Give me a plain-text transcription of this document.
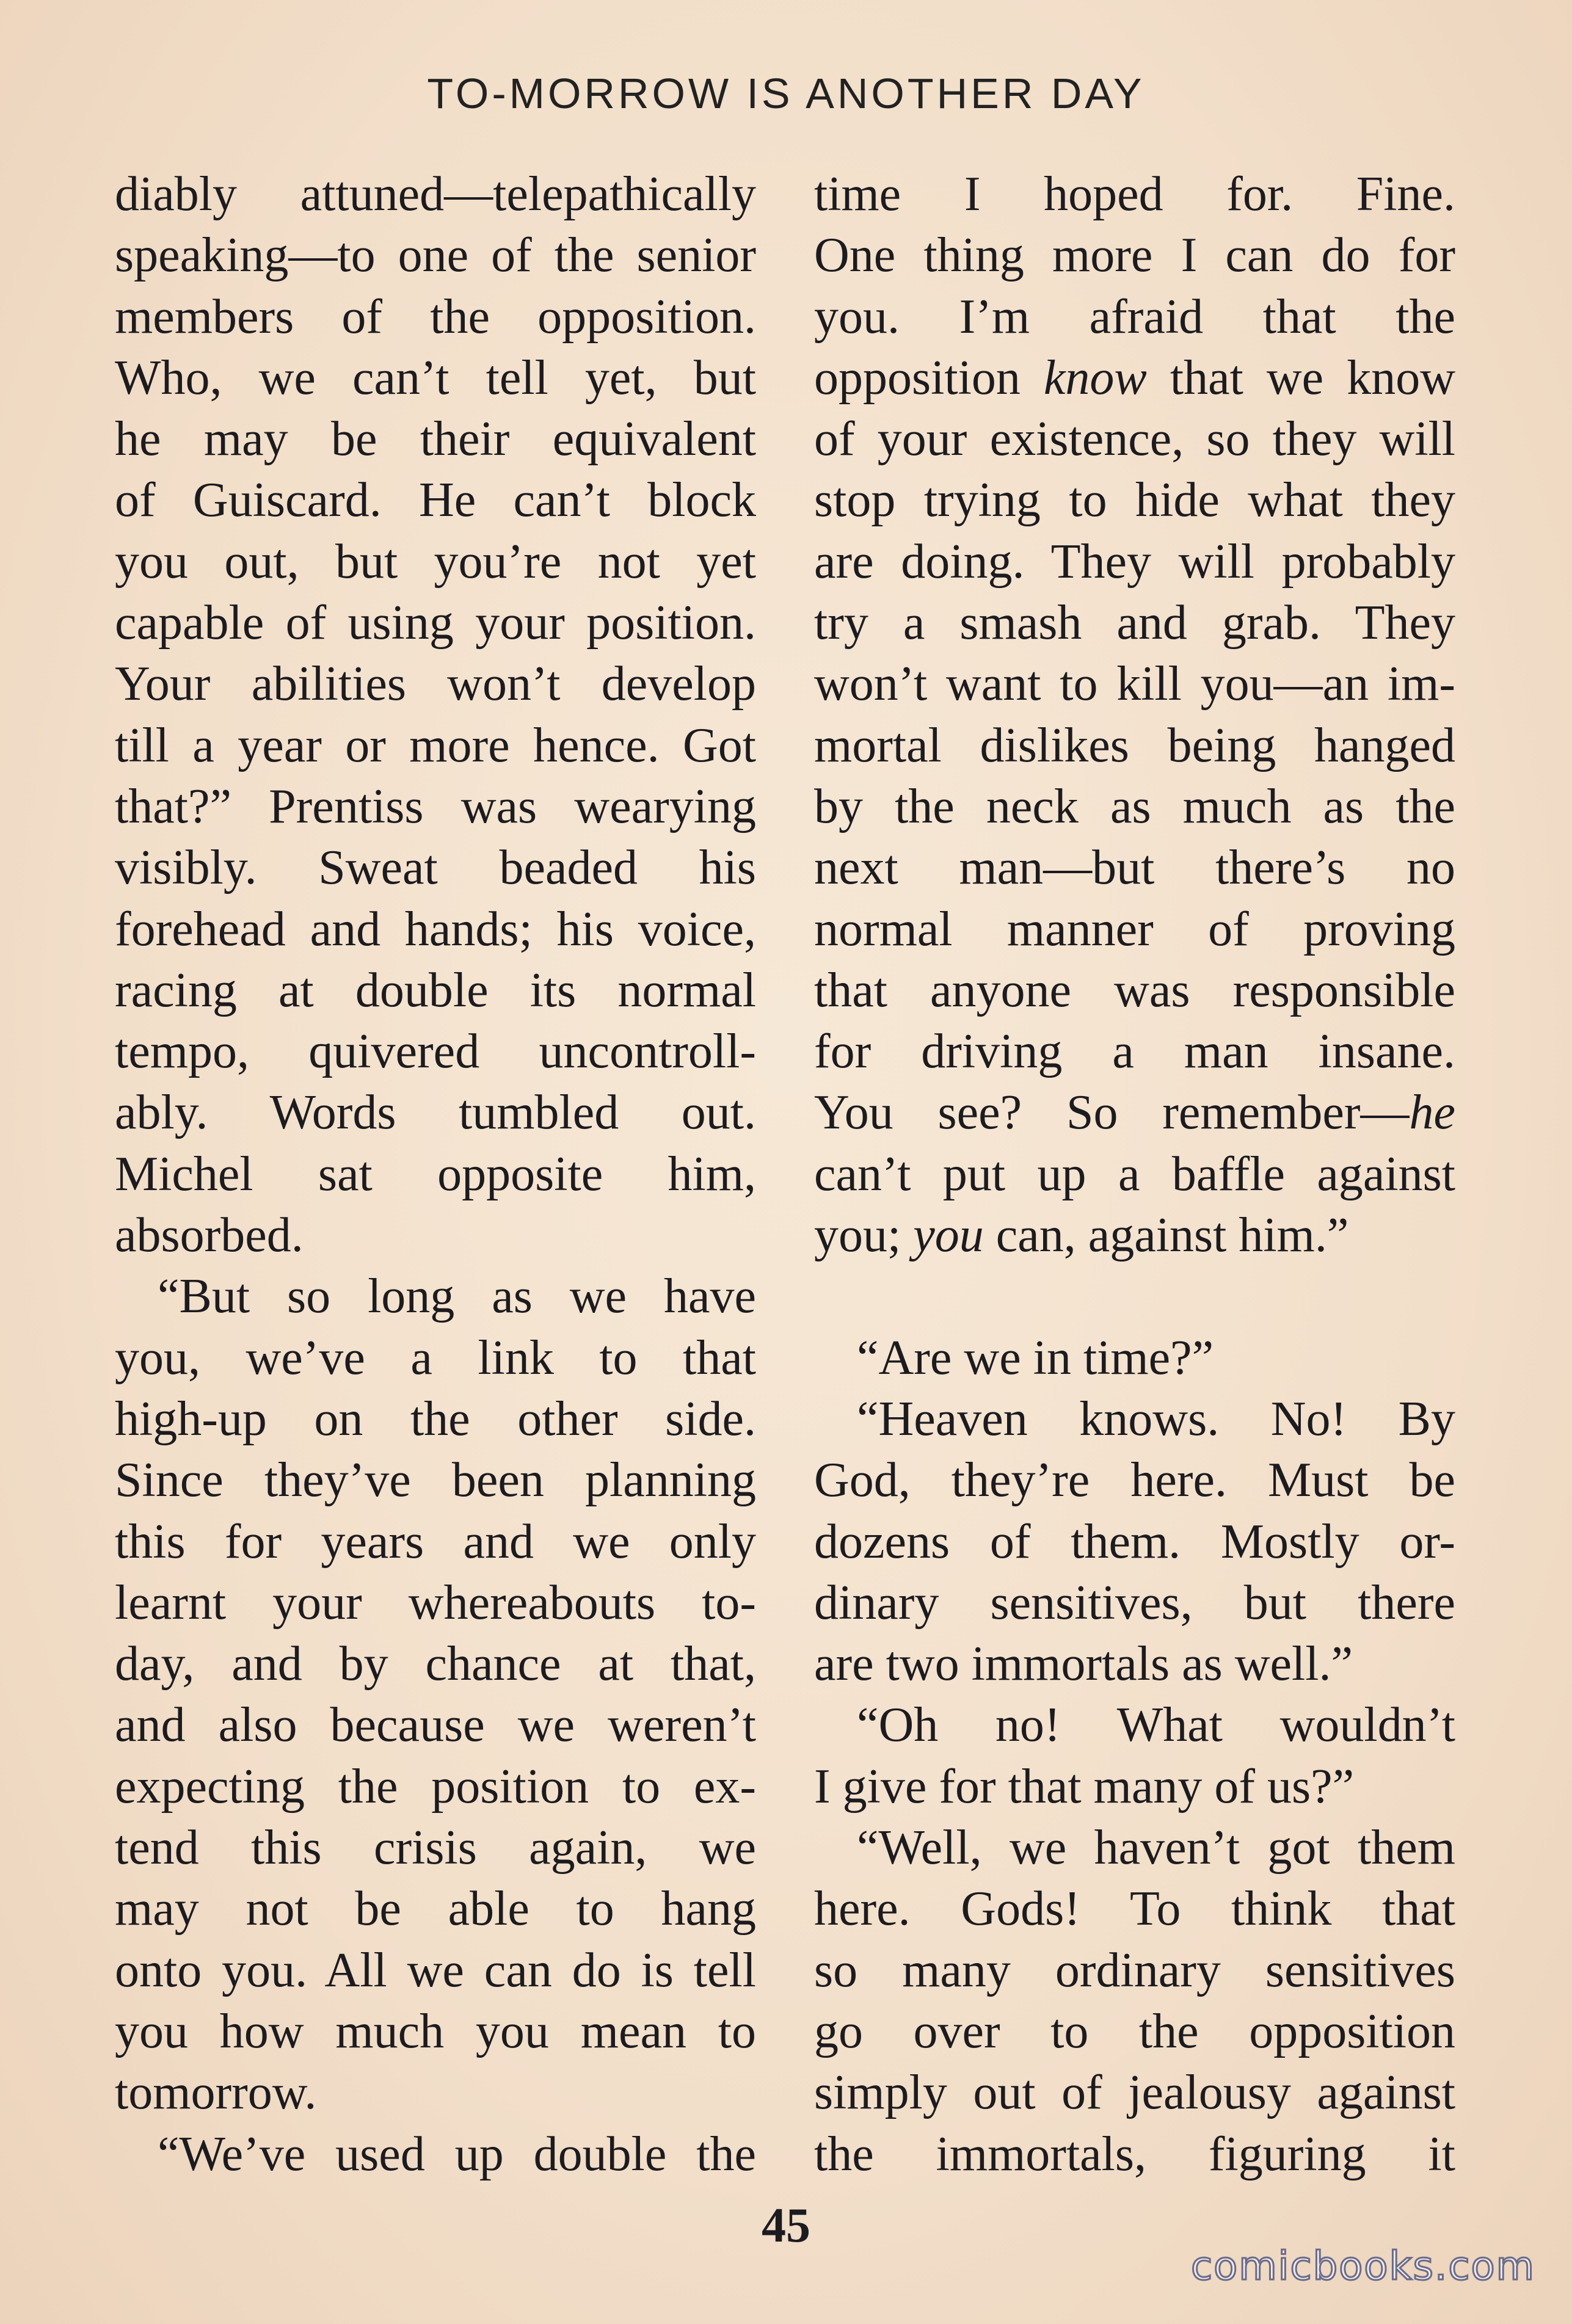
TO-MORROW IS ANOTHER DAY
diably attuned—telepathically
speaking—to one of the senior
members of the opposition.
Who, we can’t tell yet, but
he may be their equivalent
of Guiscard. He can’t block
you out, but you’re not yet
capable of using your position.
Your abilities won’t develop
till a year or more hence. Got
that?” Prentiss was wearying
visibly. Sweat beaded his
forehead and hands; his voice,
racing at double its normal
tempo, quivered uncontroll-
ably. Words tumbled out.
Michel sat opposite him,
absorbed.
“But so long as we have
you, we’ve a link to that
high-up on the other side.
Since they’ve been planning
this for years and we only
learnt your whereabouts to-
day, and by chance at that,
and also because we weren’t
expecting the position to ex-
tend this crisis again, we
may not be able to hang
onto you. All we can do is tell
you how much you mean to
tomorrow.
“We’ve used up double the
time I hoped for. Fine.
One thing more I can do for
you. I’m afraid that the
opposition know that we know
of your existence, so they will
stop trying to hide what they
are doing. They will probably
try a smash and grab. They
won’t want to kill you—an im-
mortal dislikes being hanged
by the neck as much as the
next man—but there’s no
normal manner of proving
that anyone was responsible
for driving a man insane.
You see? So remember—he
can’t put up a baffle against
you; you can, against him.”
“Are we in time?”
“Heaven knows. No! By
God, they’re here. Must be
dozens of them. Mostly or-
dinary sensitives, but there
are two immortals as well.”
“Oh no! What wouldn’t
I give for that many of us?”
“Well, we haven’t got them
here. Gods! To think that
so many ordinary sensitives
go over to the opposition
simply out of jealousy against
the immortals, figuring it
45
comicbooks.com
